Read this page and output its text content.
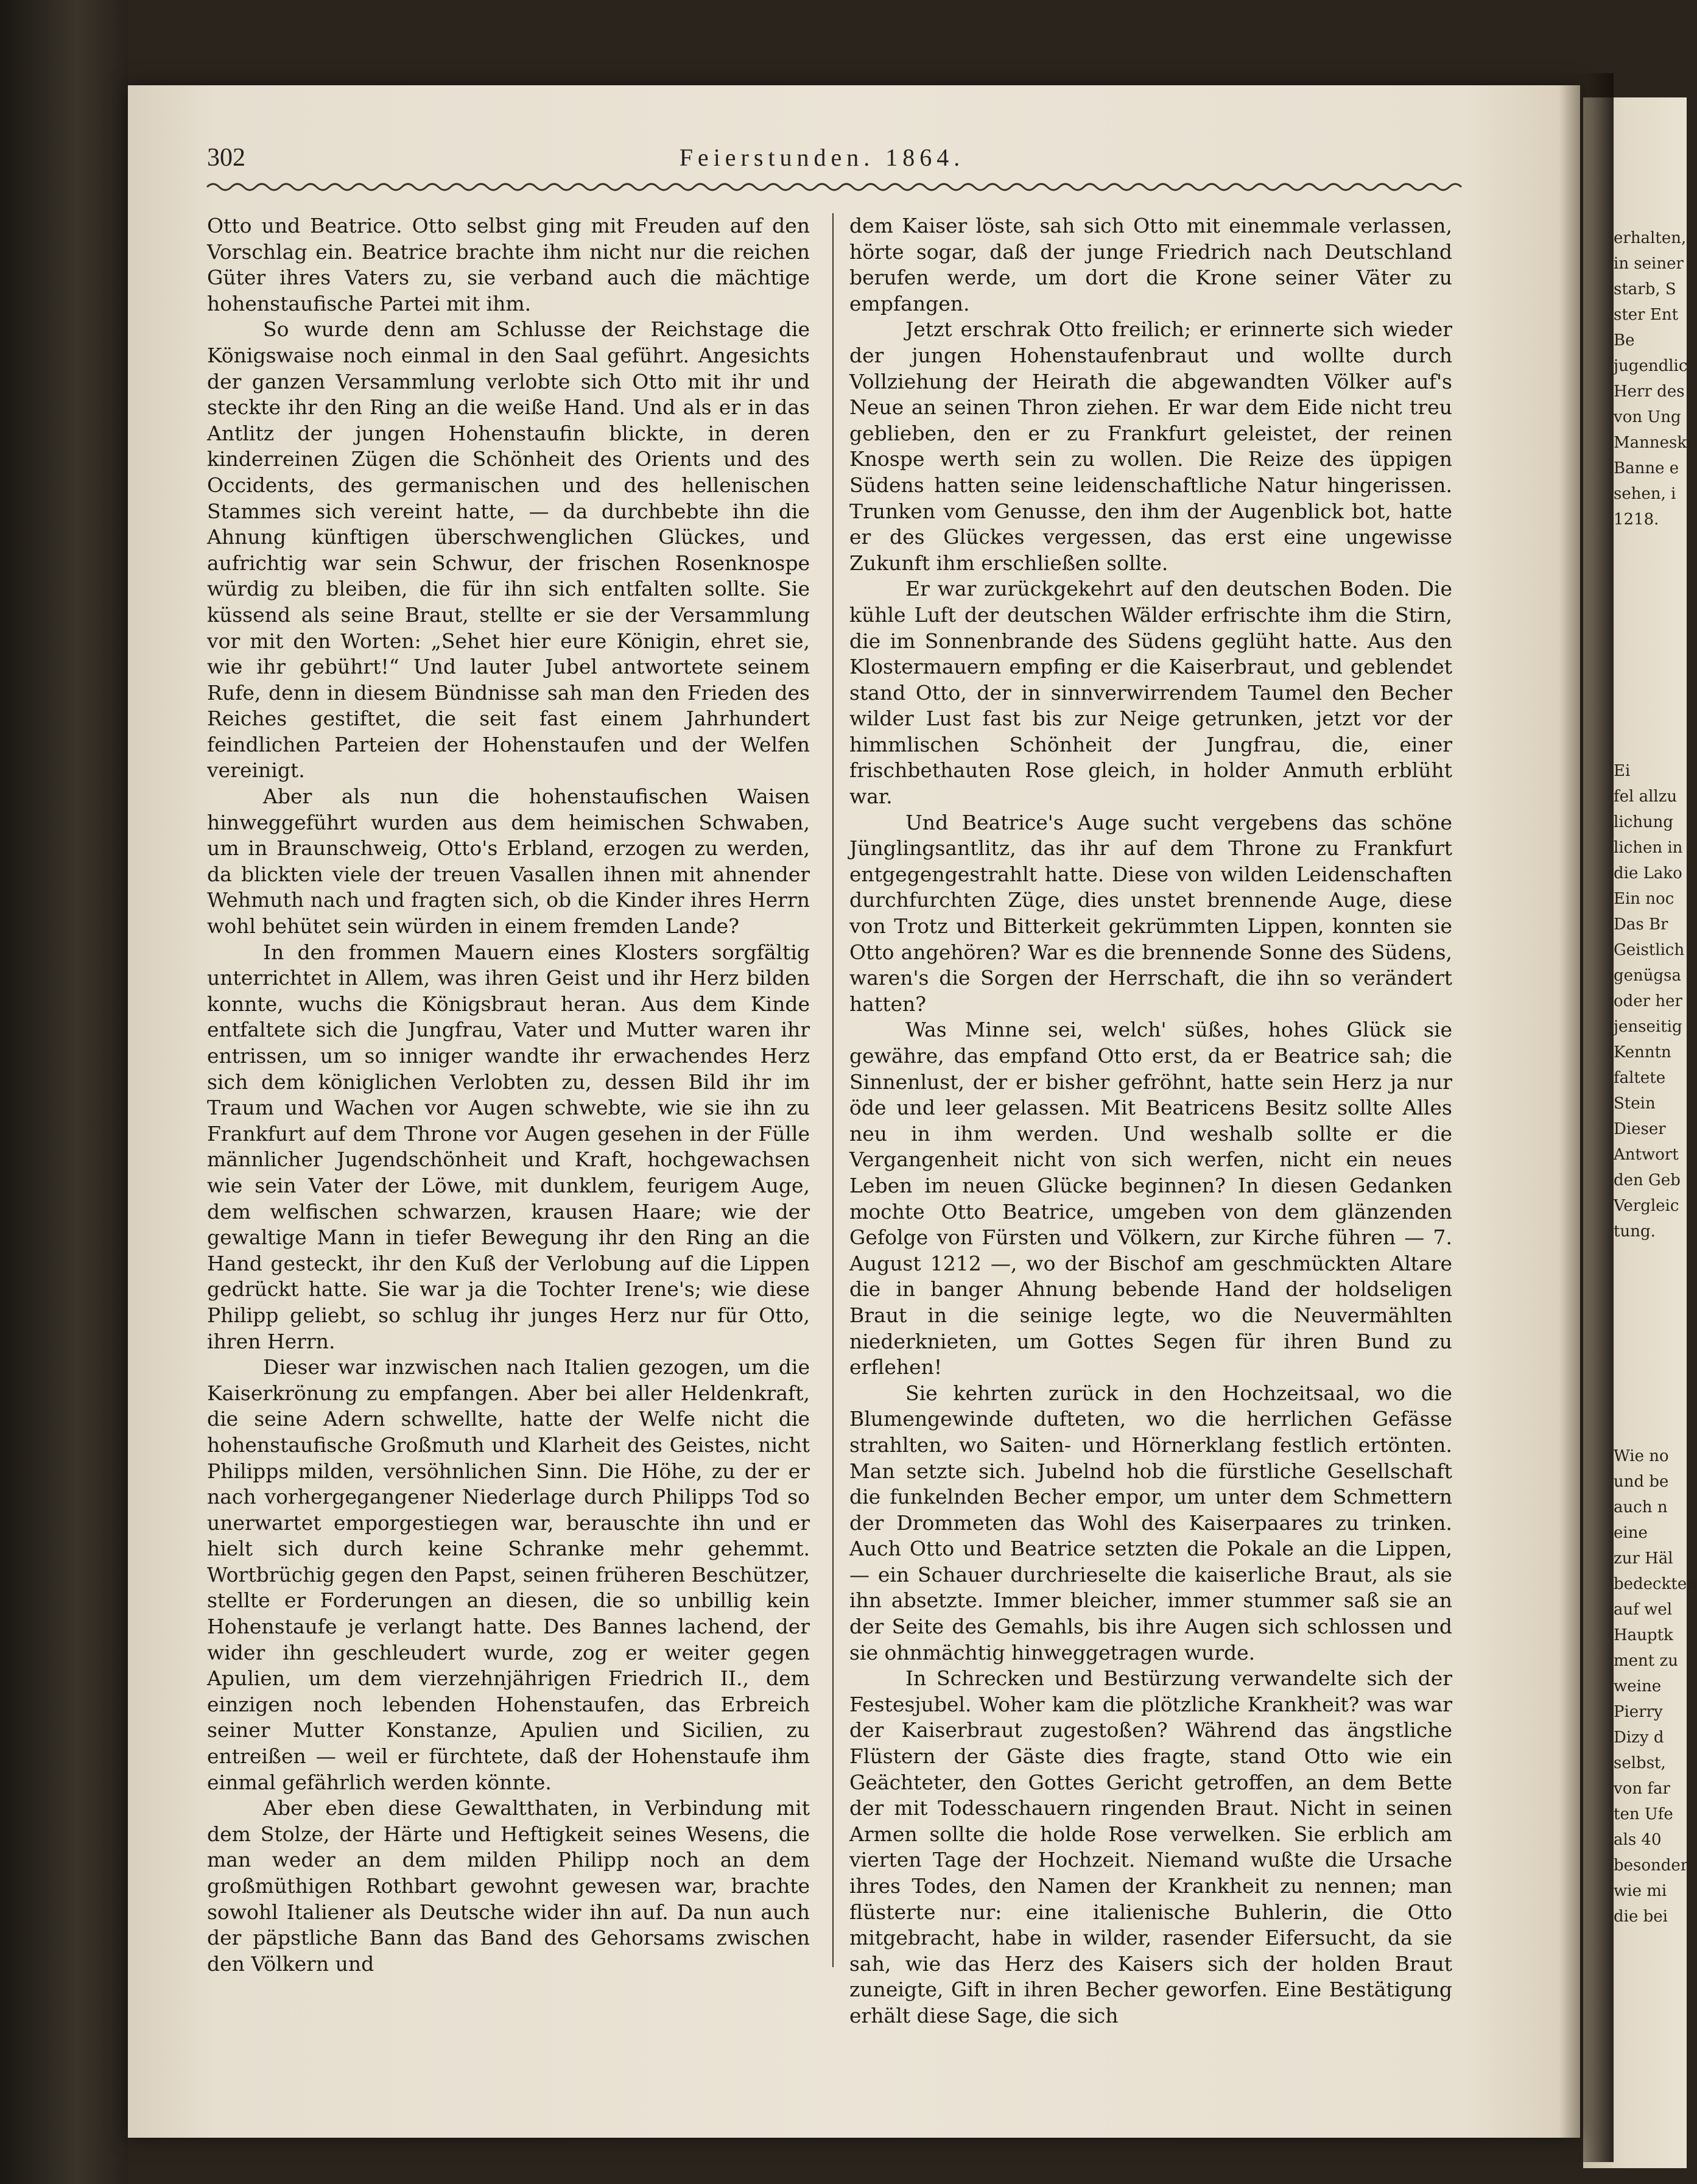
302	Feierstunden. 1864.

Otto und Beatrice. Otto selbst ging mit Freuden auf den Vorschlag ein. Beatrice brachte ihm nicht nur die reichen Güter ihres Vaters zu, sie verband auch die mächtige hohenstaufische Partei mit ihm.

So wurde denn am Schlusse der Reichstage die Königswaise noch einmal in den Saal geführt. Angesichts der ganzen Versammlung verlobte sich Otto mit ihr und steckte ihr den Ring an die weiße Hand. Und als er in das Antlitz der jungen Hohenstaufin blickte, in deren kinderreinen Zügen die Schönheit des Orients und des Occidents, des germanischen und des hellenischen Stammes sich vereint hatte, — da durchbebte ihn die Ahnung künftigen überschwenglichen Glückes, und aufrichtig war sein Schwur, der frischen Rosenknospe würdig zu bleiben, die für ihn sich entfalten sollte. Sie küssend als seine Braut, stellte er sie der Versammlung vor mit den Worten: „Sehet hier eure Königin, ehret sie, wie ihr gebührt!“ Und lauter Jubel antwortete seinem Rufe, denn in diesem Bündnisse sah man den Frieden des Reiches gestiftet, die seit fast einem Jahrhundert feindlichen Parteien der Hohenstaufen und der Welfen vereinigt.

Aber als nun die hohenstaufischen Waisen hinweggeführt wurden aus dem heimischen Schwaben, um in Braunschweig, Otto's Erbland, erzogen zu werden, da blickten viele der treuen Vasallen ihnen mit ahnender Wehmuth nach und fragten sich, ob die Kinder ihres Herrn wohl behütet sein würden in einem fremden Lande?

In den frommen Mauern eines Klosters sorgfältig unterrichtet in Allem, was ihren Geist und ihr Herz bilden konnte, wuchs die Königsbraut heran. Aus dem Kinde entfaltete sich die Jungfrau, Vater und Mutter waren ihr entrissen, um so inniger wandte ihr erwachendes Herz sich dem königlichen Verlobten zu, dessen Bild ihr im Traum und Wachen vor Augen schwebte, wie sie ihn zu Frankfurt auf dem Throne vor Augen gesehen in der Fülle männlicher Jugendschönheit und Kraft, hochgewachsen wie sein Vater der Löwe, mit dunklem, feurigem Auge, dem welfischen schwarzen, krausen Haare; wie der gewaltige Mann in tiefer Bewegung ihr den Ring an die Hand gesteckt, ihr den Kuß der Verlobung auf die Lippen gedrückt hatte. Sie war ja die Tochter Irene's; wie diese Philipp geliebt, so schlug ihr junges Herz nur für Otto, ihren Herrn.

Dieser war inzwischen nach Italien gezogen, um die Kaiserkrönung zu empfangen. Aber bei aller Heldenkraft, die seine Adern schwellte, hatte der Welfe nicht die hohenstaufische Großmuth und Klarheit des Geistes, nicht Philipps milden, versöhnlichen Sinn. Die Höhe, zu der er nach vorhergegangener Niederlage durch Philipps Tod so unerwartet emporgestiegen war, berauschte ihn und er hielt sich durch keine Schranke mehr gehemmt. Wortbrüchig gegen den Papst, seinen früheren Beschützer, stellte er Forderungen an diesen, die so unbillig kein Hohenstaufe je verlangt hatte. Des Bannes lachend, der wider ihn geschleudert wurde, zog er weiter gegen Apulien, um dem vierzehnjährigen Friedrich II., dem einzigen noch lebenden Hohenstaufen, das Erbreich seiner Mutter Konstanze, Apulien und Sicilien, zu entreißen — weil er fürchtete, daß der Hohenstaufe ihm einmal gefährlich werden könnte.

Aber eben diese Gewaltthaten, in Verbindung mit dem Stolze, der Härte und Heftigkeit seines Wesens, die man weder an dem milden Philipp noch an dem großmüthigen Rothbart gewohnt gewesen war, brachte sowohl Italiener als Deutsche wider ihn auf. Da nun auch der päpstliche Bann das Band des Gehorsams zwischen den Völkern und

dem Kaiser löste, sah sich Otto mit einemmale verlassen, hörte sogar, daß der junge Friedrich nach Deutschland berufen werde, um dort die Krone seiner Väter zu empfangen.

Jetzt erschrak Otto freilich; er erinnerte sich wieder der jungen Hohenstaufenbraut und wollte durch Vollziehung der Heirath die abgewandten Völker auf's Neue an seinen Thron ziehen. Er war dem Eide nicht treu geblieben, den er zu Frankfurt geleistet, der reinen Knospe werth sein zu wollen. Die Reize des üppigen Südens hatten seine leidenschaftliche Natur hingerissen. Trunken vom Genusse, den ihm der Augenblick bot, hatte er des Glückes vergessen, das erst eine ungewisse Zukunft ihm erschließen sollte.

Er war zurückgekehrt auf den deutschen Boden. Die kühle Luft der deutschen Wälder erfrischte ihm die Stirn, die im Sonnenbrande des Südens geglüht hatte. Aus den Klostermauern empfing er die Kaiserbraut, und geblendet stand Otto, der in sinnverwirrendem Taumel den Becher wilder Lust fast bis zur Neige getrunken, jetzt vor der himmlischen Schönheit der Jungfrau, die, einer frischbethauten Rose gleich, in holder Anmuth erblüht war.

Und Beatrice's Auge sucht vergebens das schöne Jünglingsantlitz, das ihr auf dem Throne zu Frankfurt entgegengestrahlt hatte. Diese von wilden Leidenschaften durchfurchten Züge, dies unstet brennende Auge, diese von Trotz und Bitterkeit gekrümmten Lippen, konnten sie Otto angehören? War es die brennende Sonne des Südens, waren's die Sorgen der Herrschaft, die ihn so verändert hatten?

Was Minne sei, welch' süßes, hohes Glück sie gewähre, das empfand Otto erst, da er Beatrice sah; die Sinnenlust, der er bisher gefröhnt, hatte sein Herz ja nur öde und leer gelassen. Mit Beatricens Besitz sollte Alles neu in ihm werden. Und weshalb sollte er die Vergangenheit nicht von sich werfen, nicht ein neues Leben im neuen Glücke beginnen? In diesen Gedanken mochte Otto Beatrice, umgeben von dem glänzenden Gefolge von Fürsten und Völkern, zur Kirche führen — 7. August 1212 —, wo der Bischof am geschmückten Altare die in banger Ahnung bebende Hand der holdseligen Braut in die seinige legte, wo die Neuvermählten niederknieten, um Gottes Segen für ihren Bund zu erflehen!

Sie kehrten zurück in den Hochzeitsaal, wo die Blumengewinde dufteten, wo die herrlichen Gefässe strahlten, wo Saiten- und Hörnerklang festlich ertönten. Man setzte sich. Jubelnd hob die fürstliche Gesellschaft die funkelnden Becher empor, um unter dem Schmettern der Drommeten das Wohl des Kaiserpaares zu trinken. Auch Otto und Beatrice setzten die Pokale an die Lippen, — ein Schauer durchrieselte die kaiserliche Braut, als sie ihn absetzte. Immer bleicher, immer stummer saß sie an der Seite des Gemahls, bis ihre Augen sich schlossen und sie ohnmächtig hinweggetragen wurde.

In Schrecken und Bestürzung verwandelte sich der Festesjubel. Woher kam die plötzliche Krankheit? was war der Kaiserbraut zugestoßen? Während das ängstliche Flüstern der Gäste dies fragte, stand Otto wie ein Geächteter, den Gottes Gericht getroffen, an dem Bette der mit Todesschauern ringenden Braut. Nicht in seinen Armen sollte die holde Rose verwelken. Sie erblich am vierten Tage der Hochzeit. Niemand wußte die Ursache ihres Todes, den Namen der Krankheit zu nennen; man flüsterte nur: eine italienische Buhlerin, die Otto mitgebracht, habe in wilder, rasender Eifersucht, da sie sah, wie das Herz des Kaisers sich der holden Braut zuneigte, Gift in ihren Becher geworfen. Eine Bestätigung erhält diese Sage, die sich

erhalten,
in seiner
starb, S
ster Ent
Be
jugendlic
Herr des
von Ung
Manneskr
Banne e
sehen, i
1218.
Ei
fel allzu
lichung
lichen in
die Lako
Ein noc
Das Br
Geistlich
genügsa
oder her
jenseitig
Kenntn
faltete
Stein
Dieser
Antwort
den Geb
Vergleic
tung.
Wie no
und be
auch n
eine
zur Häl
bedeckten
auf wel
Hauptk
ment zu
weine
Pierry
Dizy d
selbst,
von far
ten Ufe
als 40
besonder
wie mi
die bei
